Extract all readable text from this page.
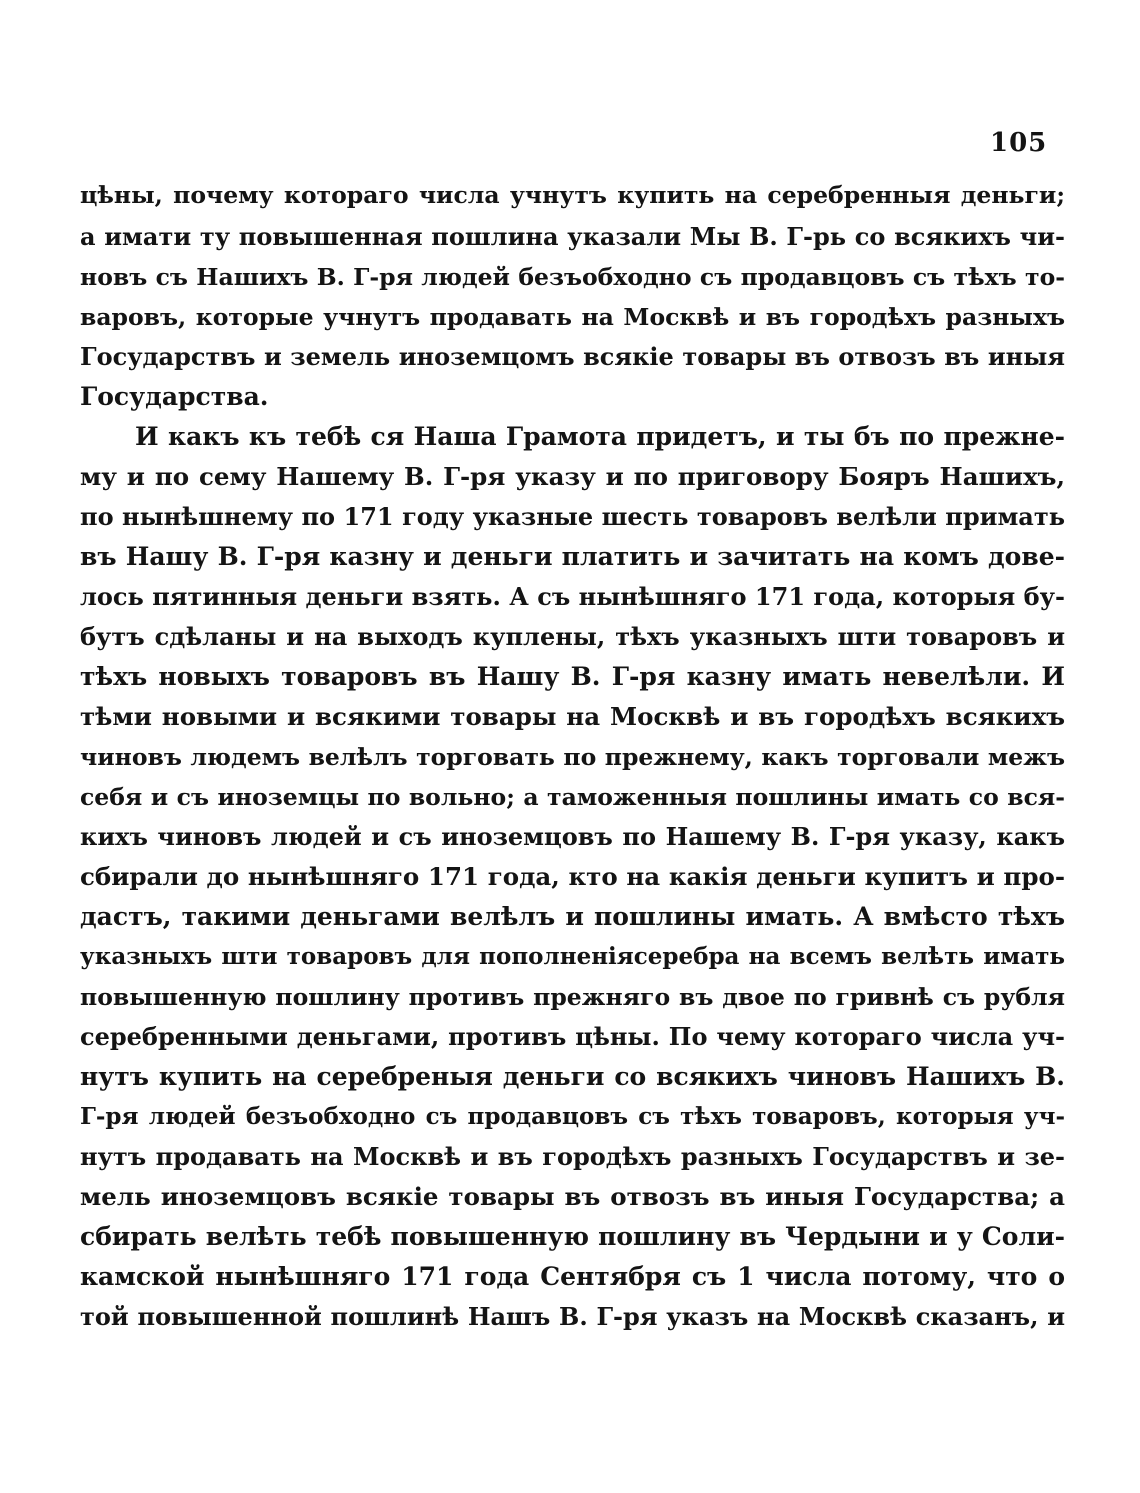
105
цѣны, почему котораго числа учнутъ купить на серебренныя деньги;
а имати ту повышенная пошлина указали Мы В. Г-рь со всякихъ чи-
новъ съ Нашихъ В. Г-ря людей безъобходно съ продавцовъ съ тѣхъ то-
варовъ, которые учнутъ продавать на Москвѣ и въ городѣхъ разныхъ
Государствъ и земель иноземцомъ всякіе товары въ отвозъ въ иныя
Государства.
И какъ къ тебѣ ся Наша Грамота придетъ, и ты бъ по прежне-
му и по сему Нашему В. Г-ря указу и по приговору Бояръ Нашихъ,
по нынѣшнему по 171 году указные шесть товаровъ велѣли примать
въ Нашу В. Г-ря казну и деньги платить и зачитать на комъ дове-
лось пятинныя деньги взять. А съ нынѣшняго 171 года, которыя бу-
бутъ сдѣланы и на выходъ куплены, тѣхъ указныхъ шти товаровъ и
тѣхъ новыхъ товаровъ въ Нашу В. Г-ря казну имать невелѣли. И
тѣми новыми и всякими товары на Москвѣ и въ городѣхъ всякихъ
чиновъ людемъ велѣлъ торговать по прежнему, какъ торговали межъ
себя и съ иноземцы по вольно; а таможенныя пошлины имать со вся-
кихъ чиновъ людей и съ иноземцовъ по Нашему В. Г-ря указу, какъ
сбирали до нынѣшняго 171 года, кто на какія деньги купитъ и про-
дастъ, такими деньгами велѣлъ и пошлины имать. А вмѣсто тѣхъ
указныхъ шти товаровъ для пополненіясеребра на всемъ велѣть имать
повышенную пошлину противъ прежняго въ двое по гривнѣ съ рубля
серебренными деньгами, противъ цѣны. По чему котораго числа уч-
нутъ купить на серебреныя деньги со всякихъ чиновъ Нашихъ В.
Г-ря людей безъобходно съ продавцовъ съ тѣхъ товаровъ, которыя уч-
нутъ продавать на Москвѣ и въ городѣхъ разныхъ Государствъ и зе-
мель иноземцовъ всякіе товары въ отвозъ въ иныя Государства; а
сбирать велѣть тебѣ повышенную пошлину въ Чердыни и у Соли-
камской нынѣшняго 171 года Сентября съ 1 числа потому, что о
той повышенной пошлинѣ Нашъ В. Г-ря указъ на Москвѣ сказанъ, и
